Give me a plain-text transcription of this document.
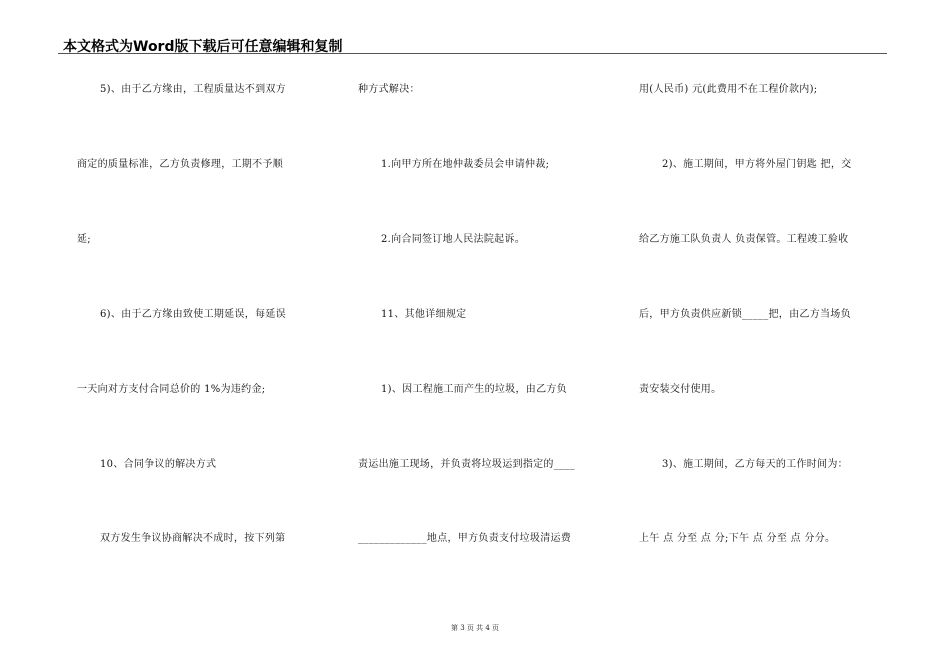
本文格式为Word版下载后可任意编辑和复制
5)、由于乙方缘由，工程质量达不到双方
商定的质量标准，乙方负责修理，工期不予顺
延;
6)、由于乙方缘由致使工期延误，每延误
一天向对方支付合同总价的 1%为违约金;
10、合同争议的解决方式
双方发生争议协商解决不成时，按下列第
种方式解决：
1.向甲方所在地仲裁委员会申请仲裁;
2.向合同签订地人民法院起诉。
11、其他详细规定
1)、因工程施工而产生的垃圾，由乙方负
责运出施工现场，并负责将垃圾运到指定的____
_____________地点，甲方负责支付垃圾清运费
用(人民币) 元(此费用不在工程价款内);
2)、施工期间，甲方将外屋门钥匙 把，交
给乙方施工队负责人 负责保管。工程竣工验收
后，甲方负责供应新锁_____把，由乙方当场负
责安装交付使用。
3)、施工期间，乙方每天的工作时间为：
上午 点 分至 点 分;下午 点 分至 点 分分。
第 3 页 共 4 页
